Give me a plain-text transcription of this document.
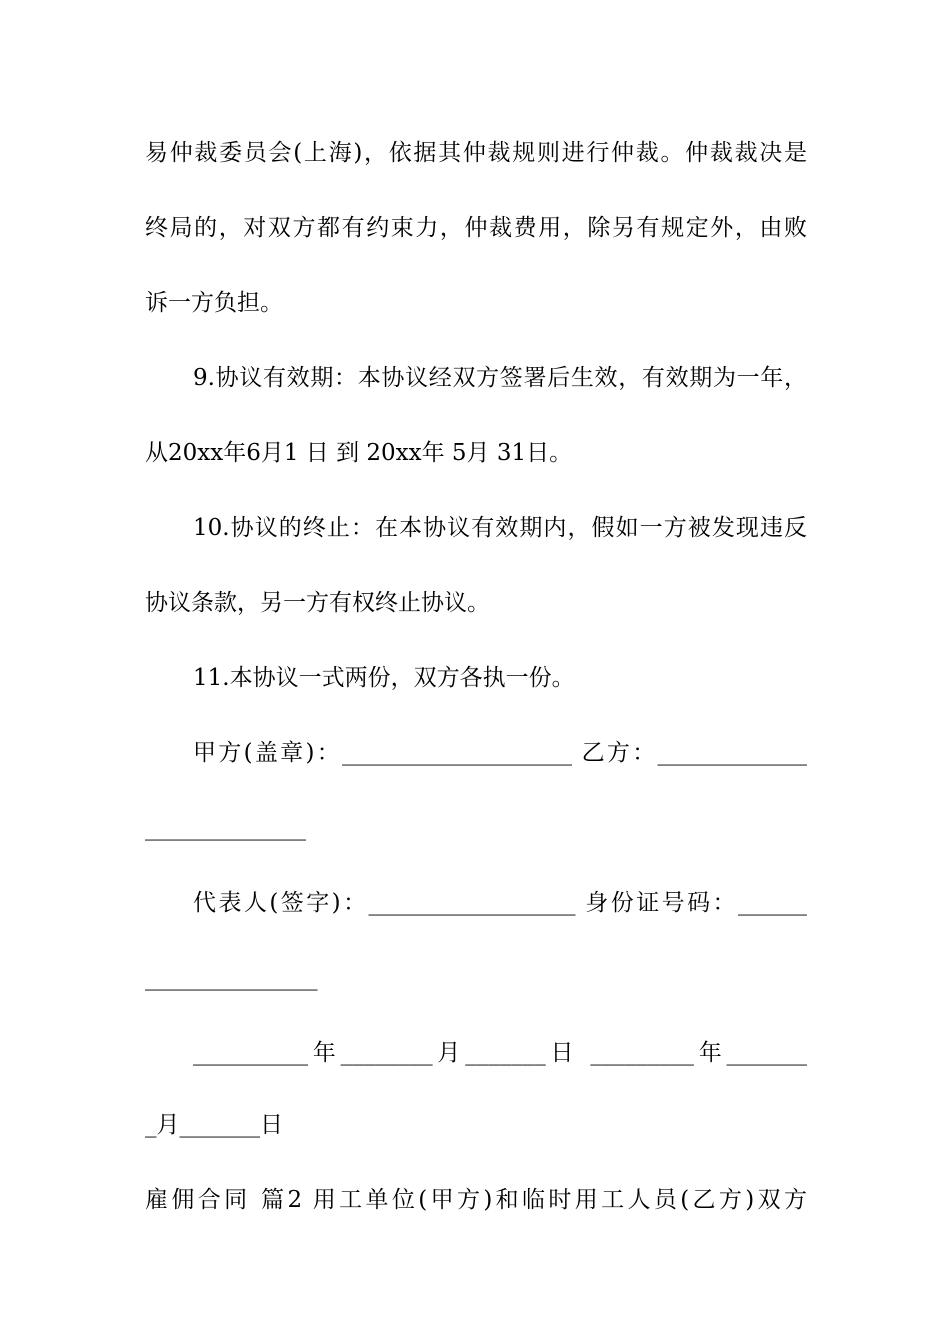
易仲裁委员会(上海)，依据其仲裁规则进行仲裁。仲裁裁决是
终局的，对双方都有约束力，仲裁费用，除另有规定外，由败
诉一方负担。
9.协议有效期：本协议经双方签署后生效，有效期为一年，
从20xx年6月1 日 到 20xx年 5月 31日。
10.协议的终止：在本协议有效期内，假如一方被发现违反
协议条款，另一方有权终止协议。
11.本协议一式两份，双方各执一份。
甲方(盖章)：____________________ 乙方：_____________
______________
代表人(签字)：__________________ 身份证号码：______
_______________
__________年________月_______日 _________年_______
_月_______日
雇佣合同 篇2 用工单位(甲方)和临时用工人员(乙方)双方
